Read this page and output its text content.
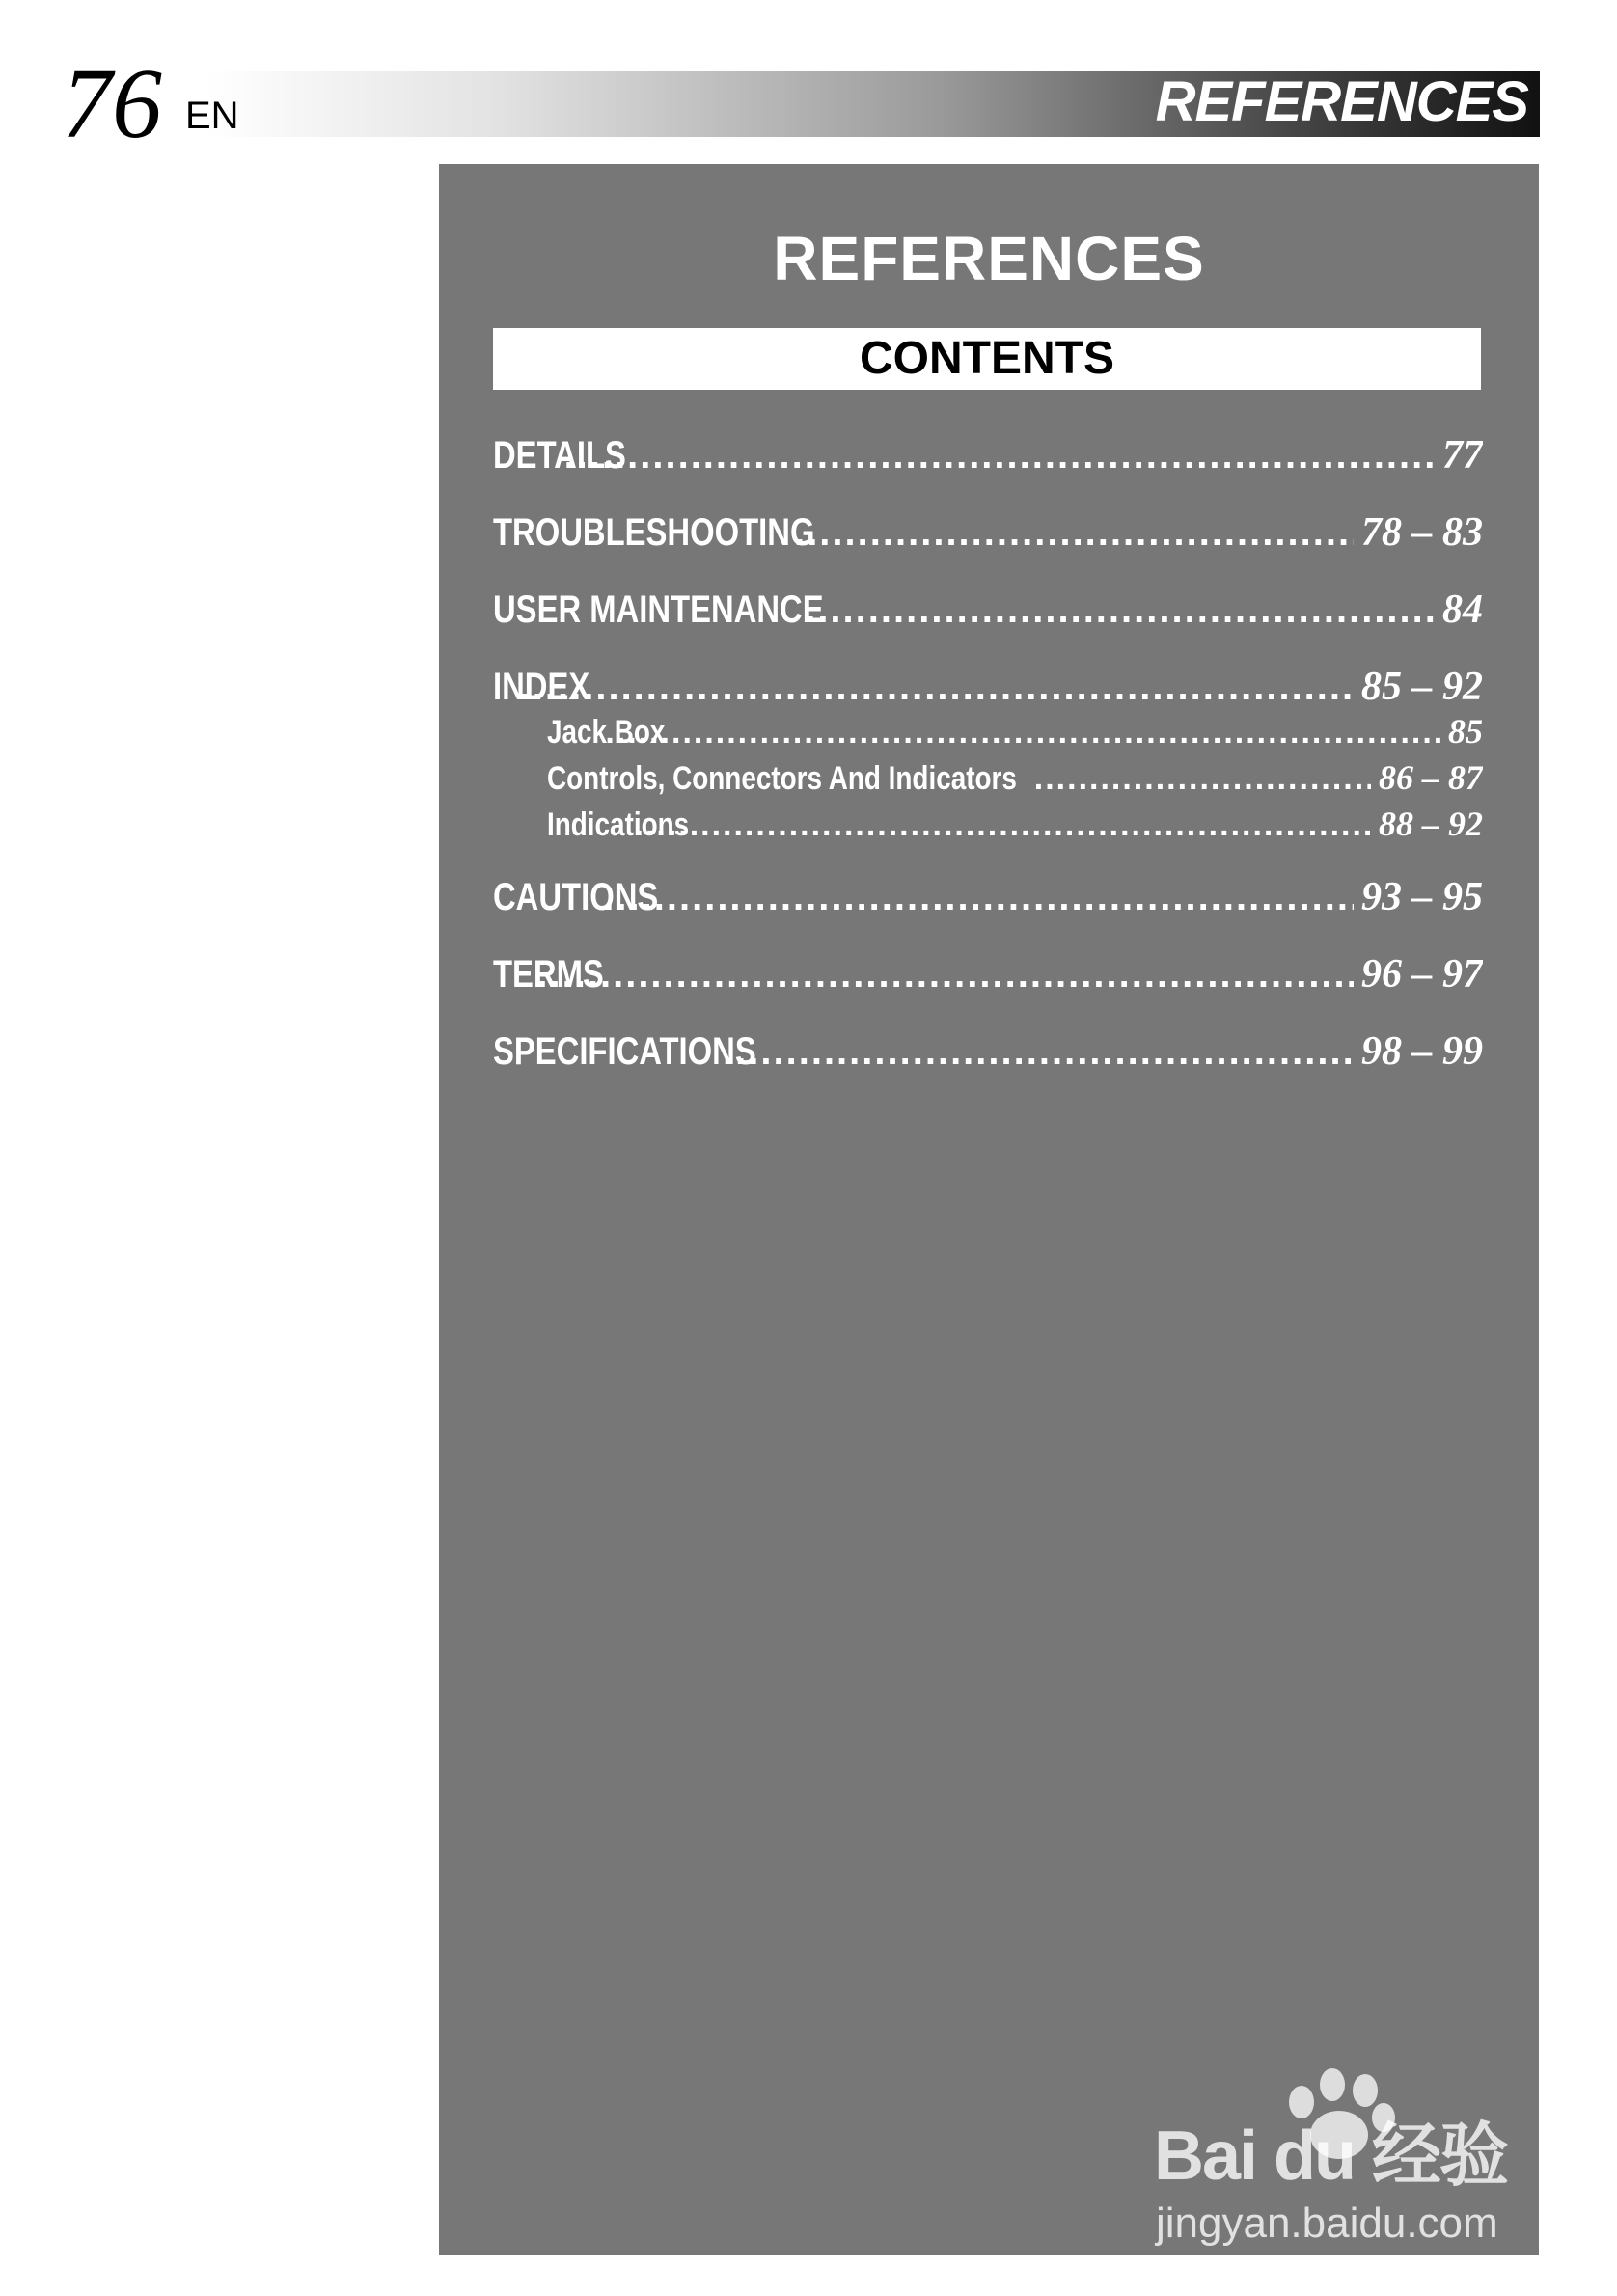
76 EN	REFERENCES
REFERENCES
CONTENTS
DETAILS .....	77
TROUBLESHOOTING .....	78 – 83
USER MAINTENANCE .....	84
INDEX .....	85 – 92
Jack Box .....	85
Controls, Connectors And Indicators .....	86 – 87
Indications .....	88 – 92
CAUTIONS .....	93 – 95
TERMS .....	96 – 97
SPECIFICATIONS .....	98 – 99
Bai du 经验
jingyan.baidu.com
